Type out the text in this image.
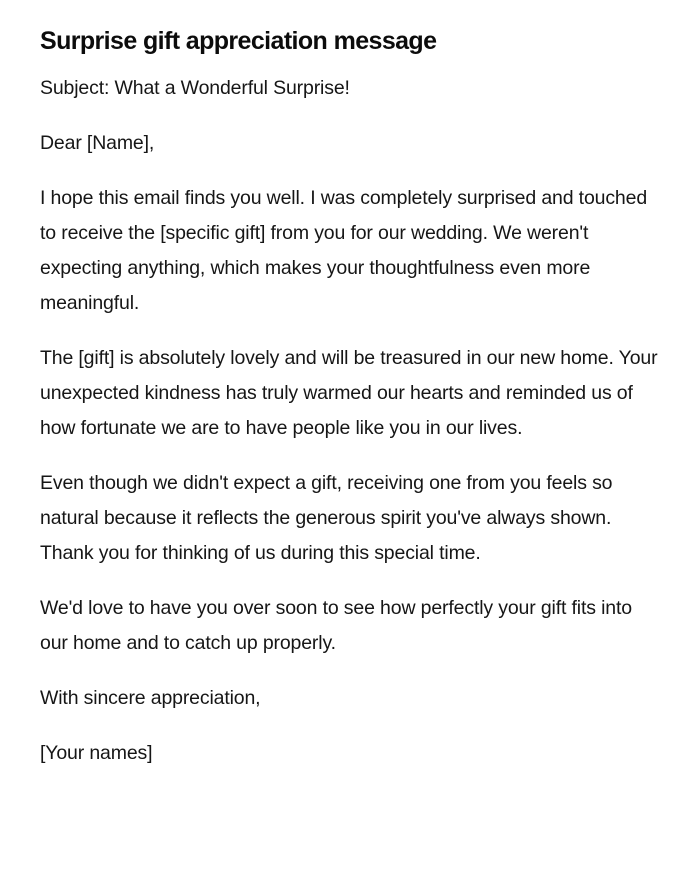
Surprise gift appreciation message

Subject: What a Wonderful Surprise!

Dear [Name],

I hope this email finds you well. I was completely surprised and touched to receive the [specific gift] from you for our wedding. We weren't expecting anything, which makes your thoughtfulness even more meaningful.

The [gift] is absolutely lovely and will be treasured in our new home. Your unexpected kindness has truly warmed our hearts and reminded us of how fortunate we are to have people like you in our lives.

Even though we didn't expect a gift, receiving one from you feels so natural because it reflects the generous spirit you've always shown. Thank you for thinking of us during this special time.

We'd love to have you over soon to see how perfectly your gift fits into our home and to catch up properly.

With sincere appreciation,

[Your names]
